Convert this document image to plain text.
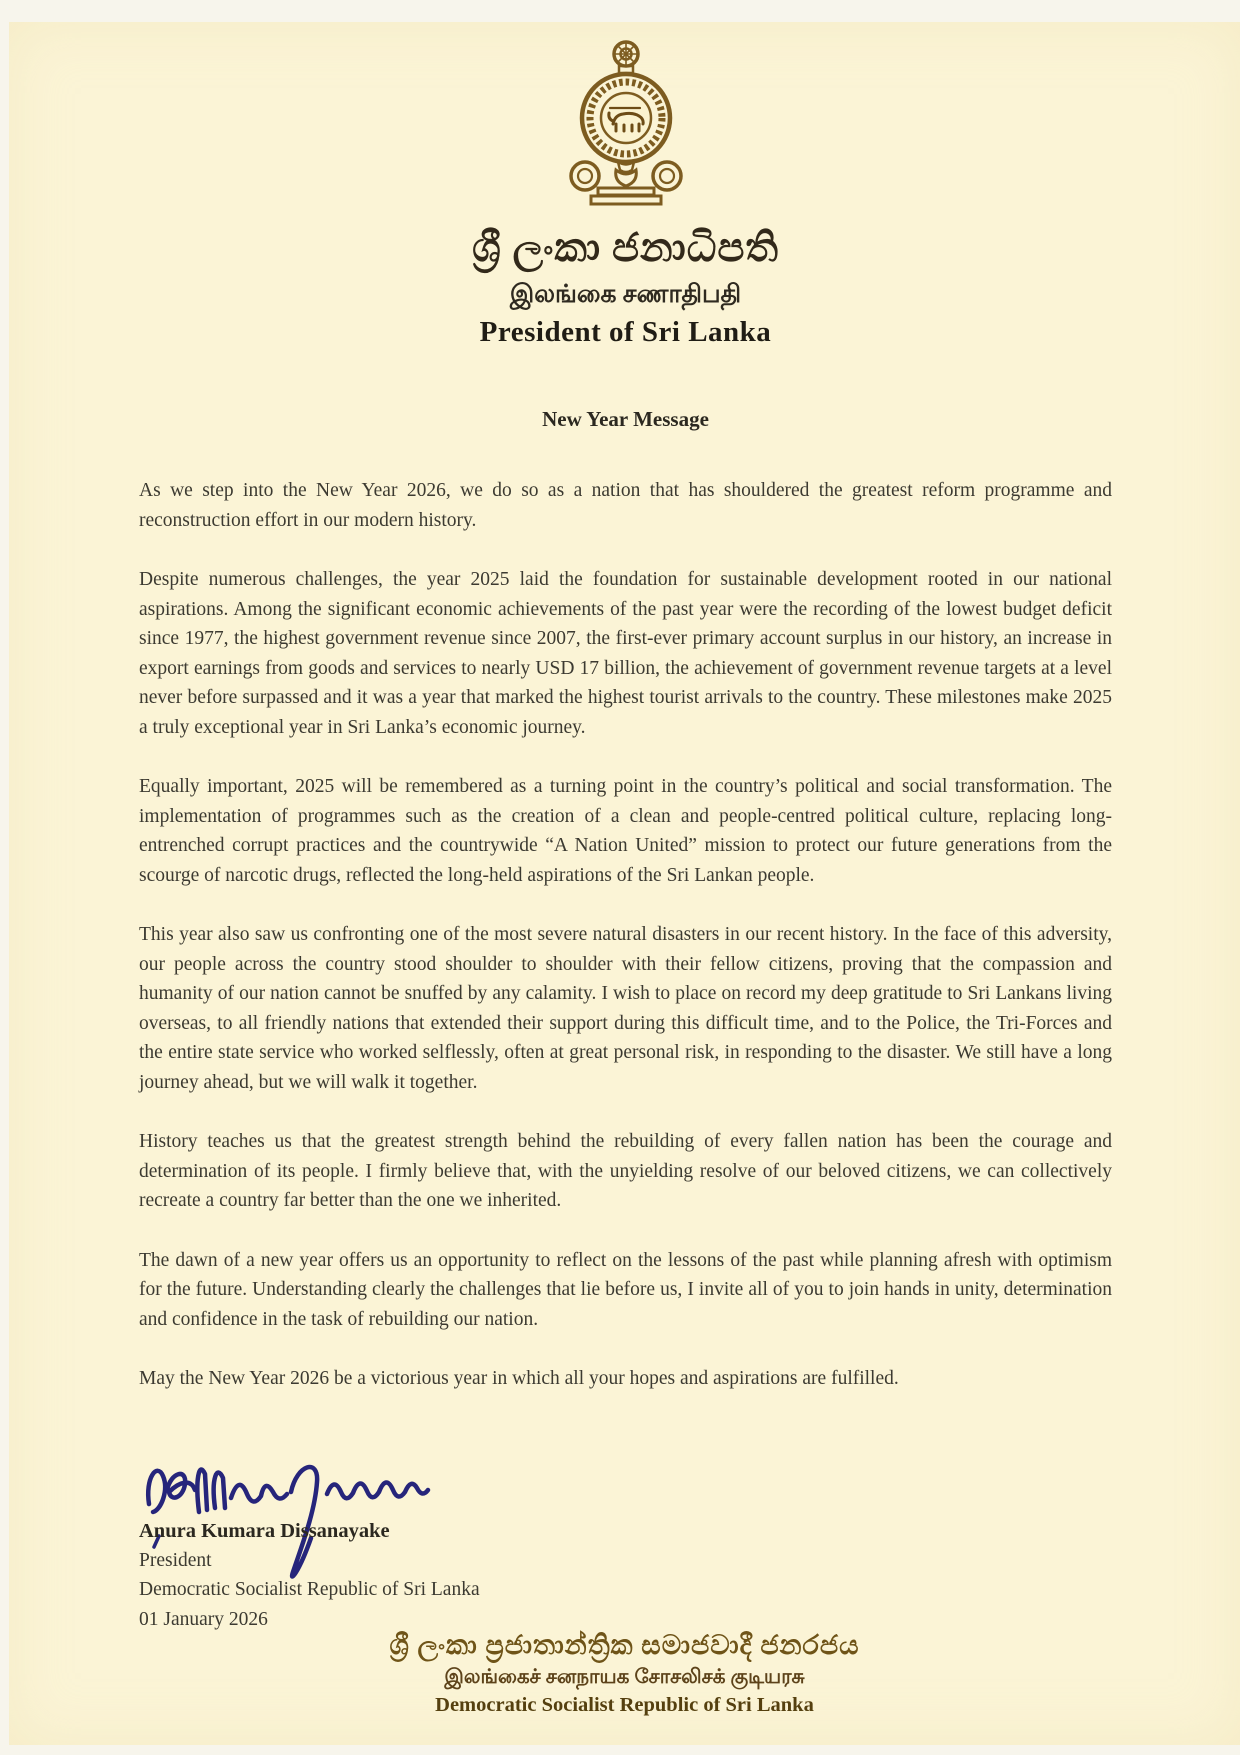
ශ්‍රී ලංකා ජනාධිපති
இலங்கை சணாதிபதி
President of Sri Lanka
New Year Message

As we step into the New Year 2026, we do so as a nation that has shouldered the greatest reform programme and reconstruction effort in our modern history.

Despite numerous challenges, the year 2025 laid the foundation for sustainable development rooted in our national aspirations. Among the significant economic achievements of the past year were the recording of the lowest budget deficit since 1977, the highest government revenue since 2007, the first-ever primary account surplus in our history, an increase in export earnings from goods and services to nearly USD 17 billion, the achievement of government revenue targets at a level never before surpassed and it was a year that marked the highest tourist arrivals to the country. These milestones make 2025 a truly exceptional year in Sri Lanka’s economic journey.

Equally important, 2025 will be remembered as a turning point in the country’s political and social transformation. The implementation of programmes such as the creation of a clean and people-centred political culture, replacing long-entrenched corrupt practices and the countrywide “A Nation United” mission to protect our future generations from the scourge of narcotic drugs, reflected the long-held aspirations of the Sri Lankan people.

This year also saw us confronting one of the most severe natural disasters in our recent history. In the face of this adversity, our people across the country stood shoulder to shoulder with their fellow citizens, proving that the compassion and humanity of our nation cannot be snuffed by any calamity. I wish to place on record my deep gratitude to Sri Lankans living overseas, to all friendly nations that extended their support during this difficult time, and to the Police, the Tri-Forces and the entire state service who worked selflessly, often at great personal risk, in responding to the disaster. We still have a long journey ahead, but we will walk it together.

History teaches us that the greatest strength behind the rebuilding of every fallen nation has been the courage and determination of its people. I firmly believe that, with the unyielding resolve of our beloved citizens, we can collectively recreate a country far better than the one we inherited.

The dawn of a new year offers us an opportunity to reflect on the lessons of the past while planning afresh with optimism for the future. Understanding clearly the challenges that lie before us, I invite all of you to join hands in unity, determination and confidence in the task of rebuilding our nation.

May the New Year 2026 be a victorious year in which all your hopes and aspirations are fulfilled.

Anura Kumara Dissanayake
President
Democratic Socialist Republic of Sri Lanka
01 January 2026
ශ්‍රී ලංකා ප්‍රජාතාන්ත්‍රික සමාජවාදී ජනරජය
இலங்கைச் சனநாயக சோசலிசக் குடியரசு
Democratic Socialist Republic of Sri Lanka
